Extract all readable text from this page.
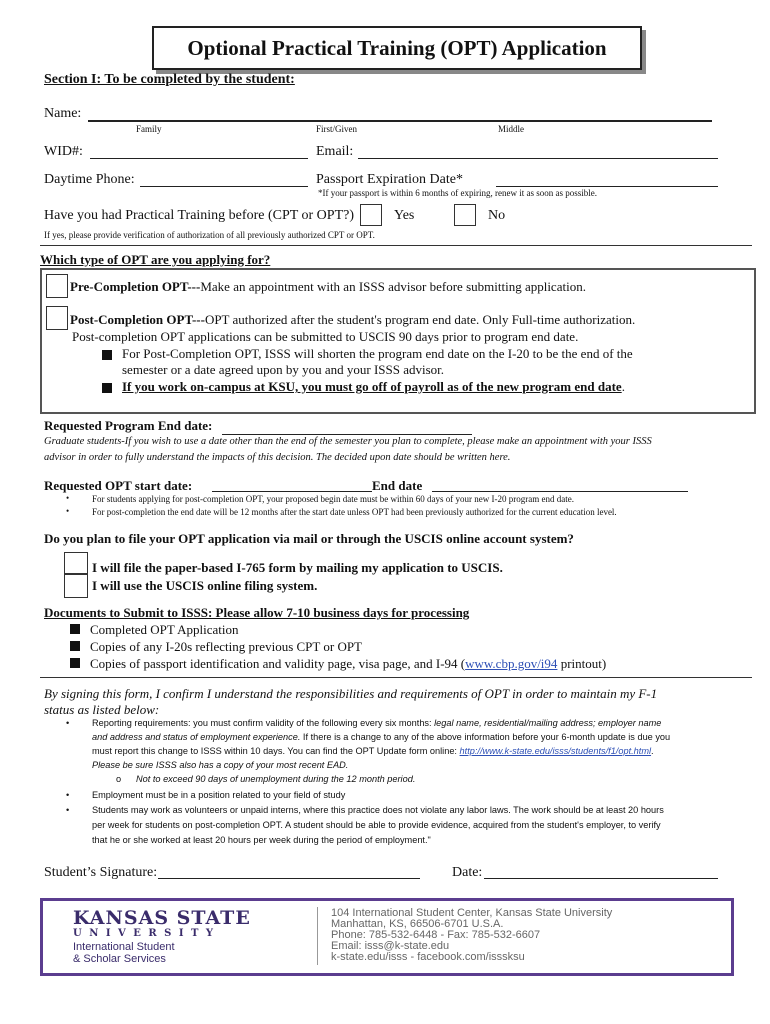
Optional Practical Training (OPT) Application
Section I: To be completed by the student:
Name:
Family	First/Given	Middle
WID#:	Email:
Daytime Phone:	Passport Expiration Date*
*If your passport is within 6 months of expiring, renew it as soon as possible.
Have you had Practical Training before (CPT or OPT?)	Yes	No
If yes, please provide verification of authorization of all previously authorized CPT or OPT.
Which type of OPT are you applying for?
Pre-Completion OPT---Make an appointment with an ISSS advisor before submitting application.
Post-Completion OPT---OPT authorized after the student's program end date. Only Full-time authorization.
Post-completion OPT applications can be submitted to USCIS 90 days prior to program end date.
For Post-Completion OPT, ISSS will shorten the program end date on the I-20 to be the end of the
semester or a date agreed upon by you and your ISSS advisor.
If you work on-campus at KSU, you must go off of payroll as of the new program end date.
Requested Program End date:
Graduate students-If you wish to use a date other than the end of the semester you plan to complete, please make an appointment with your ISSS
advisor in order to fully understand the impacts of this decision. The decided upon date should be written here.
Requested OPT start date:	End date
•	For students applying for post-completion OPT, your proposed begin date must be within 60 days of your new I-20 program end date.
•	For post-completion the end date will be 12 months after the start date unless OPT had been previously authorized for the current education level.
Do you plan to file your OPT application via mail or through the USCIS online account system?
I will file the paper-based I-765 form by mailing my application to USCIS.
I will use the USCIS online filing system.
Documents to Submit to ISSS: Please allow 7-10 business days for processing
Completed OPT Application
Copies of any I-20s reflecting previous CPT or OPT
Copies of passport identification and validity page, visa page, and I-94 (www.cbp.gov/i94 printout)
By signing this form, I confirm I understand the responsibilities and requirements of OPT in order to maintain my F-1
status as listed below:
• Reporting requirements: you must confirm validity of the following every six months: legal name, residential/mailing address; employer name
and address and status of employment experience. If there is a change to any of the above information before your 6-month update is due you
must report this change to ISSS within 10 days. You can find the OPT Update form online: http://www.k-state.edu/isss/students/f1/opt.html.
Please be sure ISSS also has a copy of your most recent EAD.
o Not to exceed 90 days of unemployment during the 12 month period.
• Employment must be in a position related to your field of study
• Students may work as volunteers or unpaid interns, where this practice does not violate any labor laws. The work should be at least 20 hours
per week for students on post-completion OPT. A student should be able to provide evidence, acquired from the student's employer, to verify
that he or she worked at least 20 hours per week during the period of employment."
Student’s Signature:	Date:
KANSAS STATE
U N I V E R S I T Y
International Student
& Scholar Services
104 International Student Center, Kansas State University
Manhattan, KS, 66506-6701 U.S.A.
Phone: 785-532-6448 - Fax: 785-532-6607
Email: isss@k-state.edu
k-state.edu/isss - facebook.com/isssksu
